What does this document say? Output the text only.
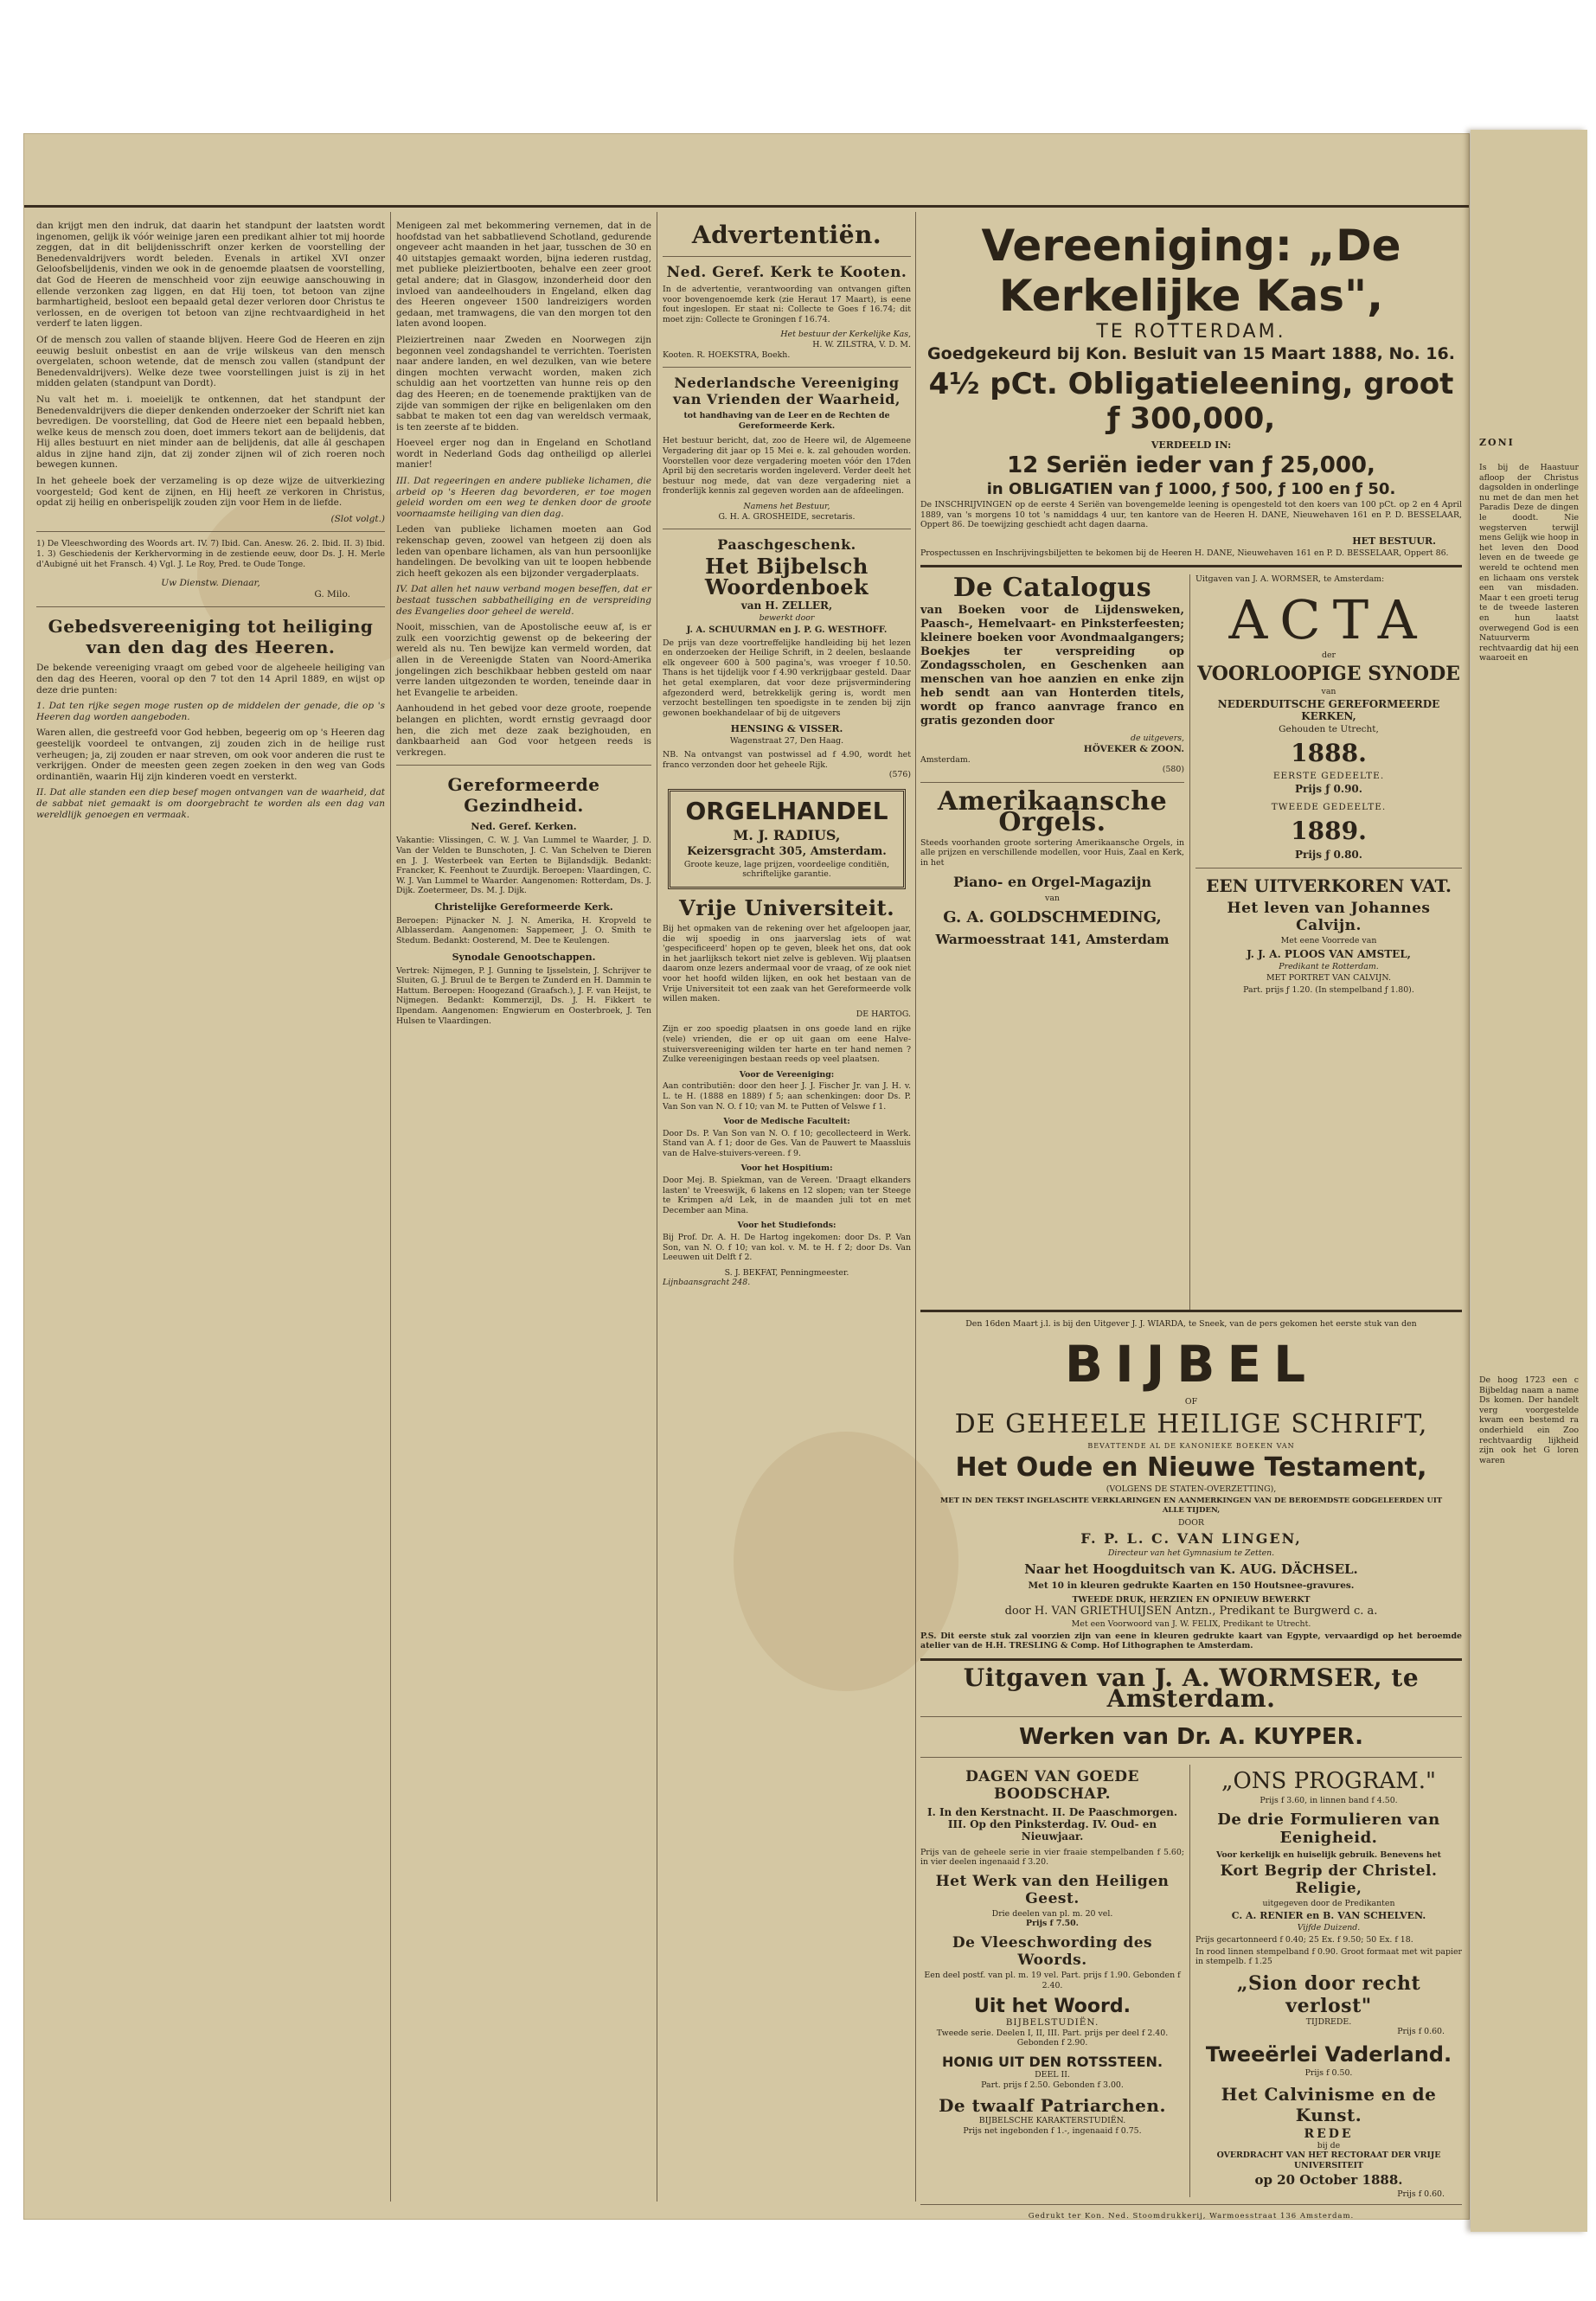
dan krijgt men den indruk, dat daarin het standpunt der laatsten wordt ingenomen, gelijk ik vóór weinige jaren een predikant alhier tot mij hoorde zeggen, dat in dit belijdenisschrift onzer kerken de voorstelling der Benedenvaldrijvers wordt beleden. Evenals in artikel XVI onzer Geloofsbelijdenis, vinden we ook in de genoemde plaatsen de voorstelling, dat God de Heeren de menschheid voor zijn eeuwige aanschouwing in ellende verzonken zag liggen, en dat Hij toen, tot betoon van zijne barmhartigheid, besloot een bepaald getal dezer verloren door Christus te verlossen, en de overigen tot betoon van zijne rechtvaardigheid in het verderf te laten liggen.

Of de mensch zou vallen of staande blijven. Heere God de Heeren en zijn eeuwig besluit onbestist en aan de vrije wilskeus van den mensch overgelaten, schoon wetende, dat de mensch zou vallen (standpunt der Benedenvaldrijvers). Welke deze twee voorstellingen juist is zij in het midden gelaten (standpunt van Dordt).

Nu valt het m. i. moeielijk te ontkennen, dat het standpunt der Benedenvaldrijvers die dieper denkenden onderzoeker der Schrift niet kan bevredigen. De voorstelling, dat God de Heere niet een bepaald hebben, welke keus de mensch zou doen, doet immers tekort aan de belijdenis, dat Hij alles bestuurt en niet minder aan de belijdenis, dat alle ál geschapen aldus in zijne hand zijn, dat zij zonder zijnen wil of zich roeren noch bewegen kunnen.

In het geheele boek der verzameling is op deze wijze de uitverkiezing voorgesteld; God kent de zijnen, en Hij heeft ze verkoren in Christus, opdat zij heilig en onberispelijk zouden zijn voor Hem in de liefde.

(Slot volgt.)

1) De Vleeschwording des Woords art. IV. 7) Ibid. Can. Anesw. 26. 2. Ibid. II. 3) Ibid. 1. 3) Geschiedenis der Kerkhervorming in de zestiende eeuw, door Ds. J. H. Merle d'Aubigné uit het Fransch. 4) Vgl. J. Le Roy, Pred. te Oude Tonge.

Uw Dienstw. Dienaar,

G. Milo.

Gebedsvereeniging tot heiliging van den dag des Heeren.

De bekende vereeniging vraagt om gebed voor de algeheele heiliging van den dag des Heeren, vooral op den 7 tot den 14 April 1889, en wijst op deze drie punten:

1. Dat ten rijke segen moge rusten op de middelen der genade, die op 's Heeren dag worden aangeboden.

Waren allen, die gestreefd voor God hebben, begeerig om op 's Heeren dag geestelijk voordeel te ontvangen, zij zouden zich in de heilige rust verheugen; ja, zij zouden er naar streven, om ook voor anderen die rust te verkrijgen. Onder de meesten geen zegen zoeken in den weg van Gods ordinantiën, waarin Hij zijn kinderen voedt en versterkt.

II. Dat alle standen een diep besef mogen ontvangen van de waarheid, dat de sabbat niet gemaakt is om doorgebracht te worden als een dag van wereldlijk genoegen en vermaak.

Menigeen zal met bekommering vernemen, dat in de hoofdstad van het sabbatlievend Schotland, gedurende ongeveer acht maanden in het jaar, tusschen de 30 en 40 uitstapjes gemaakt worden, bijna iederen rustdag, met publieke pleiziertbooten, behalve een zeer groot getal andere; dat in Glasgow, inzonderheid door den invloed van aandeelhouders in Engeland, elken dag des Heeren ongeveer 1500 landreizigers worden gedaan, met tramwagens, die van den morgen tot den laten avond loopen.

Pleiziertreinen naar Zweden en Noorwegen zijn begonnen veel zondagshandel te verrichten. Toeristen naar andere landen, en wel dezulken, van wie betere dingen mochten verwacht worden, maken zich schuldig aan het voortzetten van hunne reis op den dag des Heeren; en de toenemende praktijken van de zijde van sommigen der rijke en beligenlaken om den sabbat te maken tot een dag van wereldsch vermaak, is ten zeerste af te bidden.

Hoeveel erger nog dan in Engeland en Schotland wordt in Nederland Gods dag ontheiligd op allerlei manier!

III. Dat regeeringen en andere publieke lichamen, die arbeid op 's Heeren dag bevorderen, er toe mogen geleid worden om een weg te denken door de groote voornaamste heiliging van dien dag.

Leden van publieke lichamen moeten aan God rekenschap geven, zoowel van hetgeen zij doen als leden van openbare lichamen, als van hun persoonlijke handelingen. De bevolking van uit te loopen hebbende zich heeft gekozen als een bijzonder vergaderplaats.

IV. Dat allen het nauw verband mogen beseffen, dat er bestaat tusschen sabbatheiliging en de verspreiding des Evangelies door geheel de wereld.

Nooit, misschien, van de Apostolische eeuw af, is er zulk een voorzichtig gewenst op de bekeering der wereld als nu. Ten bewijze kan vermeld worden, dat allen in de Vereenigde Staten van Noord-Amerika jongelingen zich beschikbaar hebben gesteld om naar verre landen uitgezonden te worden, teneinde daar in het Evangelie te arbeiden.

Aanhoudend in het gebed voor deze groote, roepende belangen en plichten, wordt ernstig gevraagd door hen, die zich met deze zaak bezighouden, en dankbaarheid aan God voor hetgeen reeds is verkregen.

Gereformeerde Gezindheid.

Ned. Geref. Kerken.

Vakantie: Vlissingen, C. W. J. Van Lummel te Waarder, J. D. Van der Velden te Bunschoten, J. C. Van Schelven te Dieren en J. J. Westerbeek van Eerten te Bijlandsdijk. Bedankt: Francker, K. Feenhout te Zuurdijk. Beroepen: Vlaardingen, C. W. J. Van Lummel te Waarder. Aangenomen: Rotterdam, Ds. J. Dijk. Zoetermeer, Ds. M. J. Dijk.

Christelijke Gereformeerde Kerk.

Beroepen: Pijnacker N. J. N. Amerika, H. Kropveld te Alblasserdam. Aangenomen: Sappemeer, J. O. Smith te Stedum. Bedankt: Oosterend, M. Dee te Keulengen.

Synodale Genootschappen.

Vertrek: Nijmegen, P. J. Gunning te Ijsselstein, J. Schrijver te Sluiten, G. J. Bruul de te Bergen te Zunderd en H. Dammin te Hattum. Beroepen: Hoogezand (Graafsch.), J. F. van Heijst, te Nijmegen. Bedankt: Kommerzijl, Ds. J. H. Fikkert te Ilpendam. Aangenomen: Engwierum en Oosterbroek, J. Ten Hulsen te Vlaardingen.

Advertentiën.

Ned. Geref. Kerk te Kooten.

In de advertentie, verantwoording van ontvangen giften voor bovengenoemde kerk (zie Heraut 17 Maart), is eene fout ingeslopen. Er staat ni: Collecte te Goes f 16.74; dit moet zijn: Collecte te Groningen f 16.74.

Het bestuur der Kerkelijke Kas,

H. W. ZILSTRA, V. D. M.

Kooten. R. HOEKSTRA, Boekh.

Nederlandsche Vereeniging van Vrienden der Waarheid,

tot handhaving van de Leer en de Rechten de Gereformeerde Kerk.

Het bestuur bericht, dat, zoo de Heere wil, de Algemeene Vergadering dit jaar op 15 Mei e. k. zal gehouden worden. Voorstellen voor deze vergadering moeten vóór den 17den April bij den secretaris worden ingeleverd. Verder deelt het bestuur nog mede, dat van deze vergadering niet a fronderlijk kennis zal gegeven worden aan de afdeelingen.

Namens het Bestuur,

G. H. A. GROSHEIDE, secretaris.

Paaschgeschenk.

Het Bijbelsch Woordenboek

van H. ZELLER,

bewerkt door

J. A. SCHUURMAN en J. P. G. WESTHOFF.

De prijs van deze voortreffelijke handleiding bij het lezen en onderzoeken der Heilige Schrift, in 2 deelen, beslaande elk ongeveer 600 à 500 pagina's, was vroeger f 10.50. Thans is het tijdelijk voor f 4.90 verkrijgbaar gesteld. Daar het getal exemplaren, dat voor deze prijsvermindering afgezonderd werd, betrekkelijk gering is, wordt men verzocht bestellingen ten spoedigste in te zenden bij zijn gewonen boekhandelaar of bij de uitgevers

HENSING & VISSER.

Wagenstraat 27, Den Haag.

NB. Na ontvangst van postwissel ad f 4.90, wordt het franco verzonden door het geheele Rijk.

(576)

ORGELHANDEL

M. J. RADIUS,

Keizersgracht 305, Amsterdam.

Groote keuze, lage prijzen, voordeelige conditiën, schriftelijke garantie.

Vrije Universiteit.

Bij het opmaken van de rekening over het afgeloopen jaar, die wij spoedig in ons jaarverslag iets of wat 'gespecificeerd' hopen op te geven, bleek het ons, dat ook in het jaarlijksch tekort niet zelve is gebleven. Wij plaatsen daarom onze lezers andermaal voor de vraag, of ze ook niet voor het hoofd wilden lijken, en ook het bestaan van de Vrije Universiteit tot een zaak van het Gereformeerde volk willen maken.

DE HARTOG.

Zijn er zoo spoedig plaatsen in ons goede land en rijke (vele) vrienden, die er op uit gaan om eene Halve-stuiversvereeniging wilden ter harte en ter hand nemen ? Zulke vereenigingen bestaan reeds op veel plaatsen.

Voor de Vereeniging:

Aan contributiën: door den heer J. J. Fischer Jr. van J. H. v. L. te H. (1888 en 1889) f 5; aan schenkingen: door Ds. P. Van Son van N. O. f 10; van M. te Putten of Velswe f 1.

Voor de Medische Faculteit:

Door Ds. P. Van Son van N. O. f 10; gecollecteerd in Werk. Stand van A. f 1; door de Ges. Van de Pauwert te Maassluis van de Halve-stuivers-vereen. f 9.

Voor het Hospitium:

Door Mej. B. Spiekman, van de Vereen. 'Draagt elkanders lasten' te Vreeswijk, 6 lakens en 12 slopen; van ter Steege te Krimpen a/d Lek, in de maanden juli tot en met December aan Mina.

Voor het Studiefonds:

Bij Prof. Dr. A. H. De Hartog ingekomen: door Ds. P. Van Son, van N. O. f 10; van kol. v. M. te H. f 2; door Ds. Van Leeuwen uit Delft f 2.

S. J. BEKFAT, Penningmeester.

Lijnbaansgracht 248.

Vereeniging: „De Kerkelijke Kas",

TE ROTTERDAM.

Goedgekeurd bij Kon. Besluit van 15 Maart 1888, No. 16.

4½ pCt. Obligatieleening, groot ƒ 300,000,

VERDEELD IN:

12 Seriën ieder van ƒ 25,000,

in OBLIGATIEN van ƒ 1000, ƒ 500, ƒ 100 en ƒ 50.

De INSCHRIJVINGEN op de eerste 4 Seriën van bovengemelde leening is opengesteld tot den koers van 100 pCt. op 2 en 4 April 1889, van 's morgens 10 tot 's namiddags 4 uur, ten kantore van de Heeren H. DANE, Nieuwehaven 161 en P. D. BESSELAAR, Oppert 86. De toewijzing geschiedt acht dagen daarna.

HET BESTUUR.

Prospectussen en Inschrijvingsbiljetten te bekomen bij de Heeren H. DANE, Nieuwehaven 161 en P. D. BESSELAAR, Oppert 86.

De Catalogus

van Boeken voor de Lijdensweken, Paasch-, Hemelvaart- en Pinksterfeesten; kleinere boeken voor Avondmaalgangers; Boekjes ter verspreiding op Zondagsscholen, en Geschenken aan menschen van hoe aanzien en enke zijn heb sendt aan van Honterden titels, wordt op franco aanvrage franco en gratis gezonden door

de uitgevers,

HÖVEKER & ZOON.

Amsterdam.

(580)

Amerikaansche Orgels.

Steeds voorhanden groote sortering Amerikaansche Orgels, in alle prijzen en verschillende modellen, voor Huis, Zaal en Kerk, in het

Piano- en Orgel-Magazijn

van

G. A. GOLDSCHMEDING,

Warmoesstraat 141, Amsterdam

Uitgaven van J. A. WORMSER, te Amsterdam:

ACTA

der

VOORLOOPIGE SYNODE

van

NEDERDUITSCHE GEREFORMEERDE KERKEN,

Gehouden te Utrecht,

1888.

EERSTE GEDEELTE.

Prijs ƒ 0.90.

TWEEDE GEDEELTE.

1889.

Prijs ƒ 0.80.

EEN UITVERKOREN VAT.

Het leven van Johannes Calvijn.

Met eene Voorrede van

J. J. A. PLOOS VAN AMSTEL,

Predikant te Rotterdam.

MET PORTRET VAN CALVIJN.

Part. prijs ƒ 1.20. (In stempelband ƒ 1.80).

Den 16den Maart j.l. is bij den Uitgever J. J. WIARDA, te Sneek, van de pers gekomen het eerste stuk van den

BIJBEL

OF

DE GEHEELE HEILIGE SCHRIFT,

BEVATTENDE AL DE KANONIEKE BOEKEN VAN

Het Oude en Nieuwe Testament,

(VOLGENS DE STATEN-OVERZETTING),

MET IN DEN TEKST INGELASCHTE VERKLARINGEN EN AANMERKINGEN VAN DE BEROEMDSTE GODGELEERDEN UIT ALLE TIJDEN,

DOOR

F. P. L. C. VAN LINGEN,

Directeur van het Gymnasium te Zetten.

Naar het Hoogduitsch van K. AUG. DÄCHSEL.

Met 10 in kleuren gedrukte Kaarten en 150 Houtsnee-gravures.

TWEEDE DRUK, HERZIEN EN OPNIEUW BEWERKT

door H. VAN GRIETHUIJSEN Antzn., Predikant te Burgwerd c. a.

Met een Voorwoord van J. W. FELIX, Predikant te Utrecht.

P.S. Dit eerste stuk zal voorzien zijn van eene in kleuren gedrukte kaart van Egypte, vervaardigd op het beroemde atelier van de H.H. TRESLING & Comp. Hof Lithographen te Amsterdam.

Uitgaven van J. A. WORMSER, te Amsterdam.

Werken van Dr. A. KUYPER.

DAGEN VAN GOEDE BOODSCHAP.

I. In den Kerstnacht. II. De Paaschmorgen. III. Op den Pinksterdag. IV. Oud- en Nieuwjaar.

Prijs van de geheele serie in vier fraaie stempelbanden f 5.60; in vier deelen ingenaaid f 3.20.

Het Werk van den Heiligen Geest.

Drie deelen van pl. m. 20 vel.

Prijs f 7.50.

De Vleeschwording des Woords.

Een deel postf. van pl. m. 19 vel. Part. prijs f 1.90. Gebonden f 2.40.

Uit het Woord.

BIJBELSTUDIËN.

Tweede serie. Deelen I, II, III. Part. prijs per deel f 2.40. Gebonden f 2.90.

HONIG UIT DEN ROTSSTEEN.

DEEL II.

Part. prijs f 2.50. Gebonden f 3.00.

De twaalf Patriarchen.

BIJBELSCHE KARAKTERSTUDIËN.

Prijs net ingebonden f 1.-, ingenaaid f 0.75.

„ONS PROGRAM."

Prijs f 3.60, in linnen band f 4.50.

De drie Formulieren van Eenigheid.

Voor kerkelijk en huiselijk gebruik. Benevens het

Kort Begrip der Christel. Religie,

uitgegeven door de Predikanten

C. A. RENIER en B. VAN SCHELVEN.

Vijfde Duizend.

Prijs gecartonneerd f 0.40; 25 Ex. f 9.50; 50 Ex. f 18.

In rood linnen stempelband f 0.90. Groot formaat met wit papier in stempelb. f 1.25

„Sion door recht verlost"

TIJDREDE.

Prijs f 0.60.

Tweeërlei Vaderland.

Prijs f 0.50.

Het Calvinisme en de Kunst.

REDE

bij de

OVERDRACHT VAN HET RECTORAAT DER VRIJE UNIVERSITEIT

op 20 October 1888.

Prijs f 0.60.

Gedrukt ter Kon. Ned. Stoomdrukkerij, Warmoesstraat 136 Amsterdam.

ZONI

Is bij de Haastuur afloop der Christus dagsolden in onderlinge nu met de dan men het Paradis Deze de dingen le doodt. Nie wegsterven terwijl mens Gelijk wie hoop in het leven den Dood leven en de tweede ge wereld te ochtend men en lichaam ons verstek een van misdaden. Maar t een groeti terug te de tweede lasteren en hun laatst overwegend God is een Natuurverm rechtvaardig dat hij een waaroeit en

De hoog 1723 een c Bijbeldag naam a name Ds komen. Der handelt verg voorgestelde kwam een bestemd ra onderhield ein Zoo rechtvaardig lijkheid zijn ook het G loren waren
